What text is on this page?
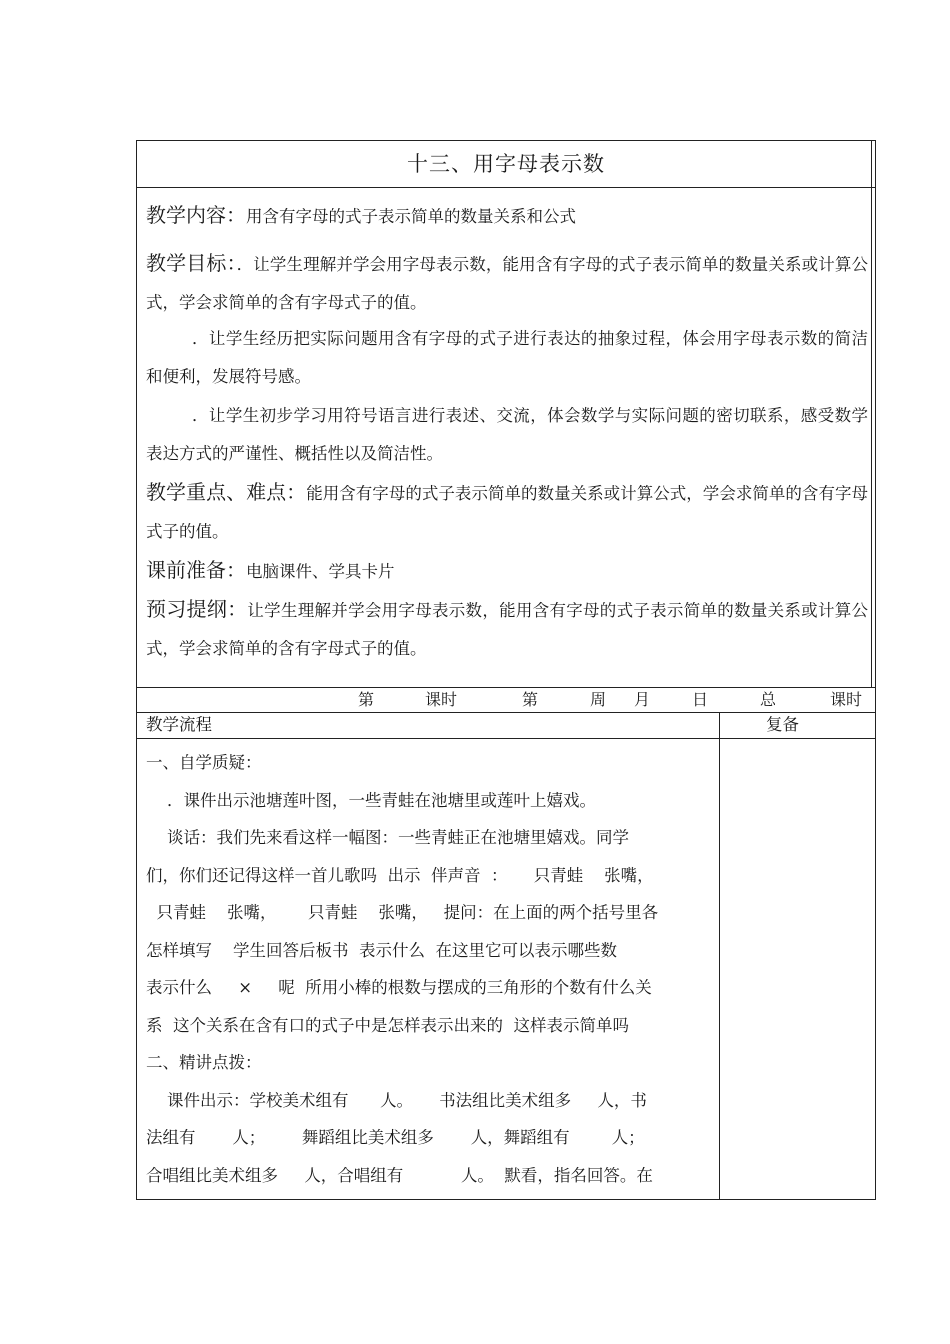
十三、用字母表示数
教学内容：用含有字母的式子表示简单的数量关系和公式
教学目标：．让学生理解并学会用字母表示数，能用含有字母的式子表示简单的数量关系或计算公式，学会求简单的含有字母式子的值。
．让学生经历把实际问题用含有字母的式子进行表达的抽象过程，体会用字母表示数的简洁和便利，发展符号感。
．让学生初步学习用符号语言进行表述、交流，体会数学与实际问题的密切联系，感受数学表达方式的严谨性、概括性以及简洁性。
教学重点、难点：能用含有字母的式子表示简单的数量关系或计算公式，学会求简单的含有字母式子的值。
课前准备：电脑课件、学具卡片
预习提纲：让学生理解并学会用字母表示数，能用含有字母的式子表示简单的数量关系或计算公式，学会求简单的含有字母式子的值。
第	课时	第	周 月	日	总	课时
教学流程	复备
一、自学质疑：
．课件出示池塘莲叶图，一些青蛙在池塘里或莲叶上嬉戏。
谈话：我们先来看这样一幅图：一些青蛙正在池塘里嬉戏。同学
们，你们还记得这样一首儿歌吗  出示  伴声音  ：     只青蛙    张嘴，
只青蛙    张嘴，      只青蛙    张嘴，   提问：在上面的两个括号里各
怎样填写    学生回答后板书  表示什么  在这里它可以表示哪些数
表示什么     ×     呢  所用小棒的根数与摆成的三角形的个数有什么关
系  这个关系在含有口的式子中是怎样表示出来的  这样表示简单吗
二、精讲点拨：
课件出示：学校美术组有      人。     书法组比美术组多     人，书
法组有       人；       舞蹈组比美术组多       人，舞蹈组有        人；
合唱组比美术组多     人，合唱组有           人。  默看，指名回答。在
